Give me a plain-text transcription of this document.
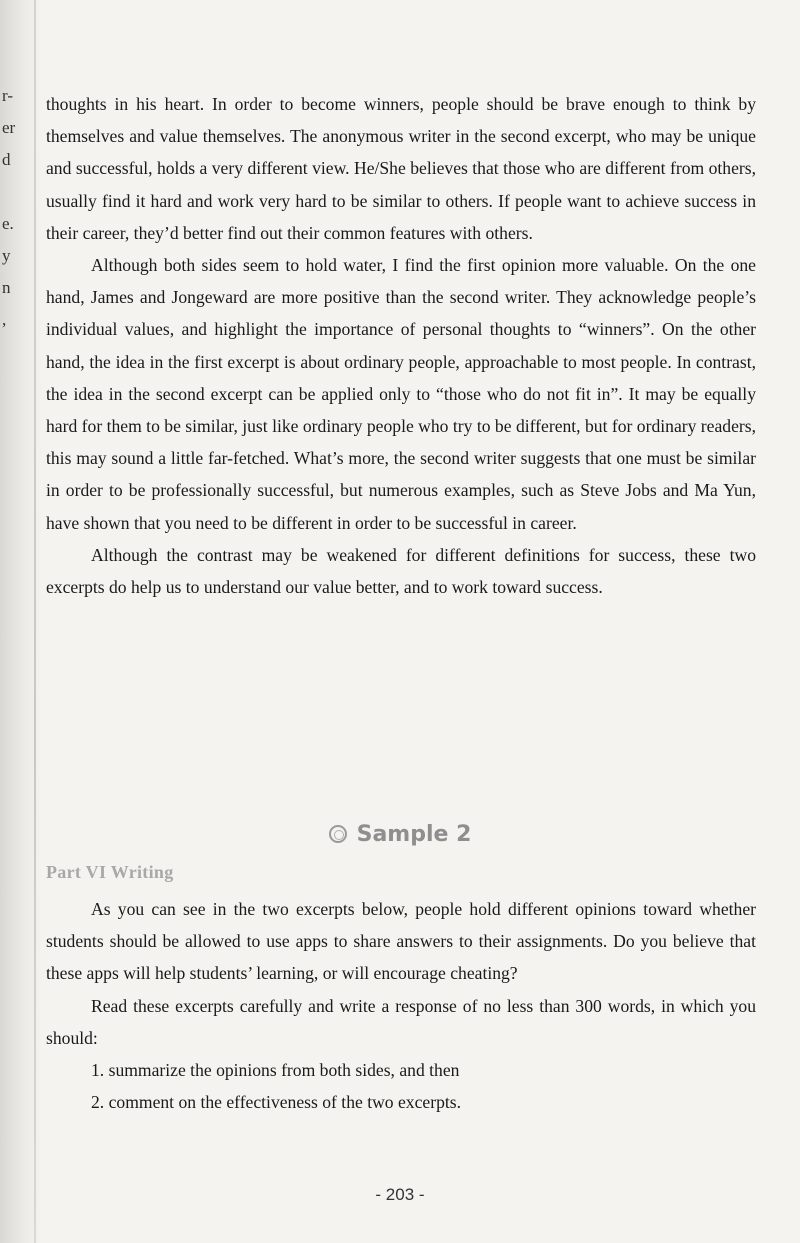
r-
er
d
e.
y
n
,

thoughts in his heart. In order to become winners, people should be brave enough to think by themselves and value themselves. The anonymous writer in the second excerpt, who may be unique and successful, holds a very different view. He/She believes that those who are different from others, usually find it hard and work very hard to be similar to others. If people want to achieve success in their career, they’d better find out their common features with others.

Although both sides seem to hold water, I find the first opinion more valuable. On the one hand, James and Jongeward are more positive than the second writer. They acknowledge people’s individual values, and highlight the importance of personal thoughts to “winners”. On the other hand, the idea in the first excerpt is about ordinary people, approachable to most people. In contrast, the idea in the second excerpt can be applied only to “those who do not fit in”. It may be equally hard for them to be similar, just like ordinary people who try to be different, but for ordinary readers, this may sound a little far-fetched. What’s more, the second writer suggests that one must be similar in order to be professionally successful, but numerous examples, such as Steve Jobs and Ma Yun, have shown that you need to be different in order to be successful in career.

Although the contrast may be weakened for different definitions for success, these two excerpts do help us to understand our value better, and to work toward success.

Sample 2
Part VI Writing

As you can see in the two excerpts below, people hold different opinions toward whether students should be allowed to use apps to share answers to their assignments. Do you believe that these apps will help students’ learning, or will encourage cheating?

Read these excerpts carefully and write a response of no less than 300 words, in which you should:

1. summarize the opinions from both sides, and then

2. comment on the effectiveness of the two excerpts.

- 203 -
